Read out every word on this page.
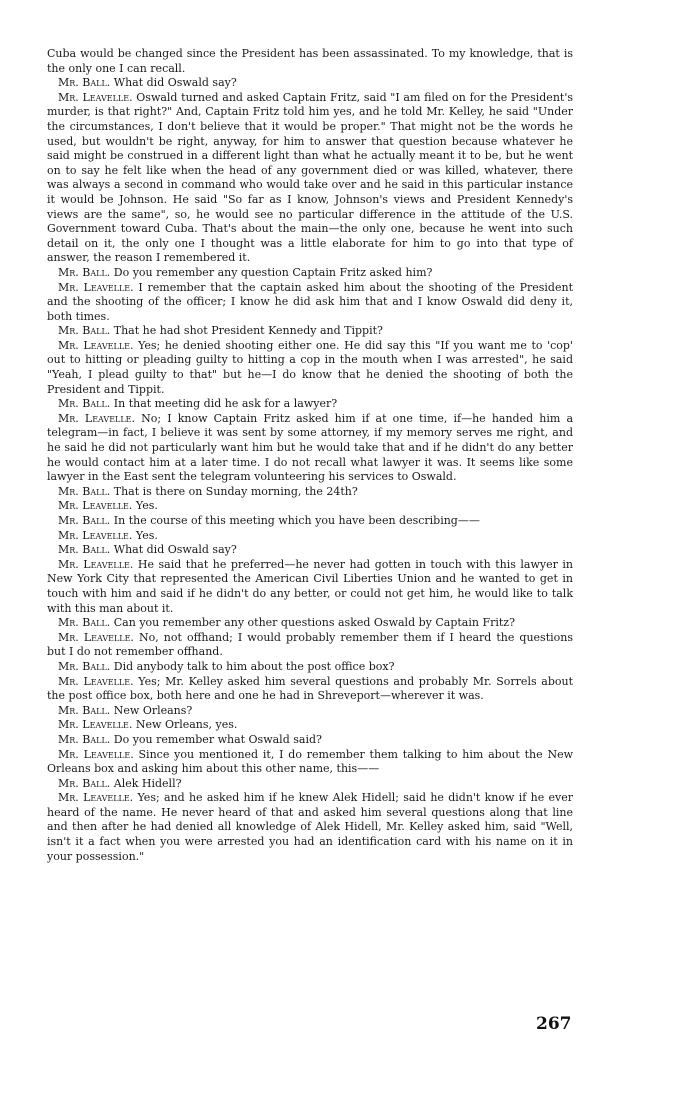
Cuba would be changed since the President has been assassinated. To my knowledge, that is the only one I can recall.

Mr. Ball. What did Oswald say?

Mr. Leavelle. Oswald turned and asked Captain Fritz, said "I am filed on for the President's murder, is that right?" And, Captain Fritz told him yes, and he told Mr. Kelley, he said "Under the circumstances, I don't believe that it would be proper." That might not be the words he used, but wouldn't be right, anyway, for him to answer that question because whatever he said might be construed in a different light than what he actually meant it to be, but he went on to say he felt like when the head of any government died or was killed, whatever, there was always a second in command who would take over and he said in this particular instance it would be Johnson. He said "So far as I know, Johnson's views and President Kennedy's views are the same", so, he would see no particular difference in the attitude of the U.S. Government toward Cuba. That's about the main—the only one, because he went into such detail on it, the only one I thought was a little elaborate for him to go into that type of answer, the reason I remembered it.

Mr. Ball. Do you remember any question Captain Fritz asked him?

Mr. Leavelle. I remember that the captain asked him about the shooting of the President and the shooting of the officer; I know he did ask him that and I know Oswald did deny it, both times.

Mr. Ball. That he had shot President Kennedy and Tippit?

Mr. Leavelle. Yes; he denied shooting either one. He did say this "If you want me to 'cop' out to hitting or pleading guilty to hitting a cop in the mouth when I was arrested", he said "Yeah, I plead guilty to that" but he—I do know that he denied the shooting of both the President and Tippit.

Mr. Ball. In that meeting did he ask for a lawyer?

Mr. Leavelle. No; I know Captain Fritz asked him if at one time, if—he handed him a telegram—in fact, I believe it was sent by some attorney, if my memory serves me right, and he said he did not particularly want him but he would take that and if he didn't do any better he would contact him at a later time. I do not recall what lawyer it was. It seems like some lawyer in the East sent the telegram volunteering his services to Oswald.

Mr. Ball. That is there on Sunday morning, the 24th?

Mr. Leavelle. Yes.

Mr. Ball. In the course of this meeting which you have been describing——

Mr. Leavelle. Yes.

Mr. Ball. What did Oswald say?

Mr. Leavelle. He said that he preferred—he never had gotten in touch with this lawyer in New York City that represented the American Civil Liberties Union and he wanted to get in touch with him and said if he didn't do any better, or could not get him, he would like to talk with this man about it.

Mr. Ball. Can you remember any other questions asked Oswald by Captain Fritz?

Mr. Leavelle. No, not offhand; I would probably remember them if I heard the questions but I do not remember offhand.

Mr. Ball. Did anybody talk to him about the post office box?

Mr. Leavelle. Yes; Mr. Kelley asked him several questions and probably Mr. Sorrels about the post office box, both here and one he had in Shreveport—wherever it was.

Mr. Ball. New Orleans?

Mr. Leavelle. New Orleans, yes.

Mr. Ball. Do you remember what Oswald said?

Mr. Leavelle. Since you mentioned it, I do remember them talking to him about the New Orleans box and asking him about this other name, this——

Mr. Ball. Alek Hidell?

Mr. Leavelle. Yes; and he asked him if he knew Alek Hidell; said he didn't know if he ever heard of the name. He never heard of that and asked him several questions along that line and then after he had denied all knowledge of Alek Hidell, Mr. Kelley asked him, said "Well, isn't it a fact when you were arrested you had an identification card with his name on it in your possession."

267
